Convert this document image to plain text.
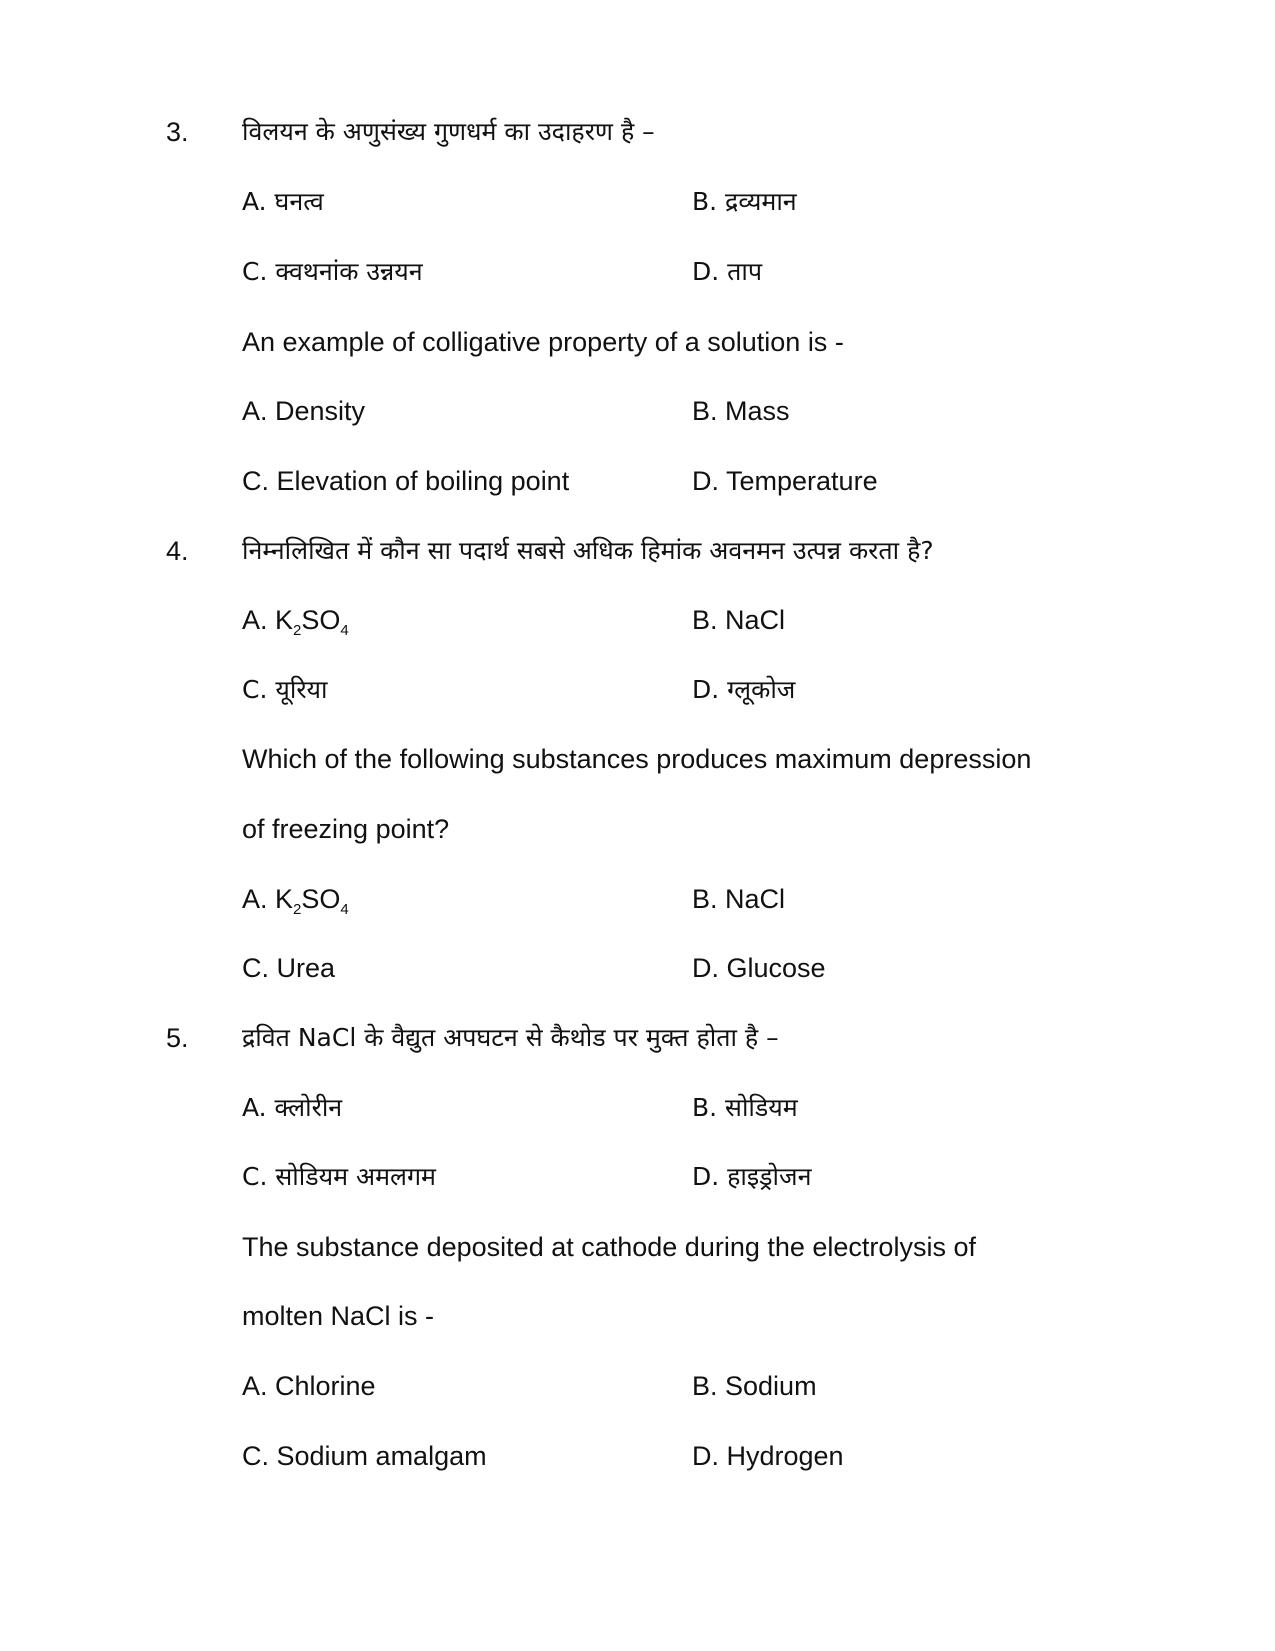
3. विलयन के अणुसंख्य गुणधर्म का उदाहरण है –
A. घनत्व	B. द्रव्यमान
C. क्वथनांक उन्नयन	D. ताप
An example of colligative property of a solution is -
A. Density	B. Mass
C. Elevation of boiling point	D. Temperature
4. निम्नलिखित में कौन सा पदार्थ सबसे अधिक हिमांक अवनमन उत्पन्न करता है?
A. $K_2SO_4$	B. NaCl
C. यूरिया	D. ग्लूकोज
Which of the following substances produces maximum depression
of freezing point?
A. $K_2SO_4$	B. NaCl
C. Urea	D. Glucose
5. द्रवित NaCl के वैद्युत अपघटन से कैथोड पर मुक्त होता है –
A. क्लोरीन	B. सोडियम
C. सोडियम अमलगम	D. हाइड्रोजन
The substance deposited at cathode during the electrolysis of
molten NaCl is -
A. Chlorine	B. Sodium
C. Sodium amalgam	D. Hydrogen
